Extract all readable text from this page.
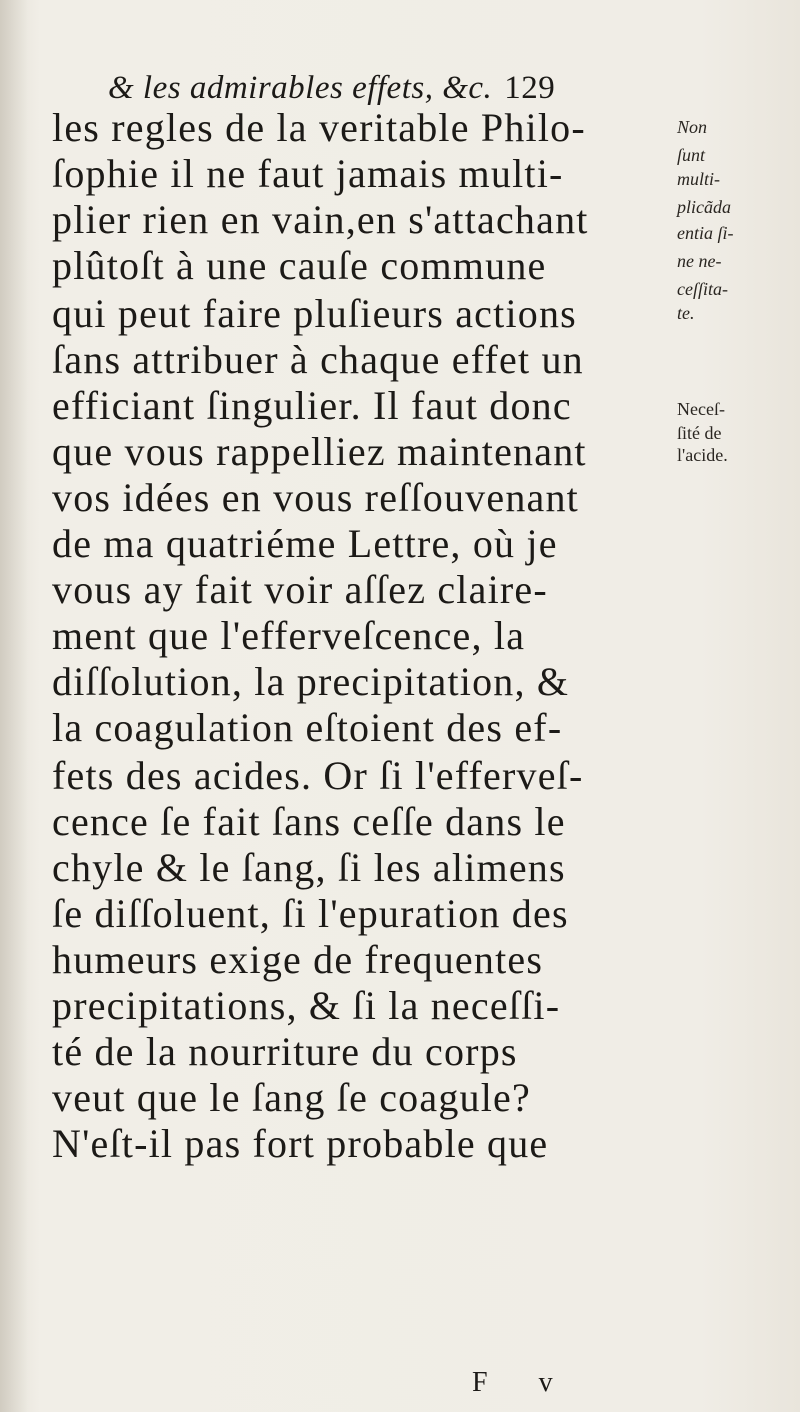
& les admirables effets, &c. 129
les regles de la veritable Philo-
ſophie il ne faut jamais multi-
plier rien en vain,en s'attachant
plûtoſt à une cauſe commune
qui peut faire pluſieurs actions
ſans attribuer à chaque effet un
efficiant ſingulier. Il faut donc
que vous rappelliez maintenant
vos idées en vous reſſouvenant
de ma quatriéme Lettre, où je
vous ay fait voir aſſez claire-
ment que l'efferveſcence, la
diſſolution, la precipitation, &
la coagulation eſtoient des ef-
fets des acides. Or ſi l'efferveſ-
cence ſe fait ſans ceſſe dans le
chyle & le ſang, ſi les alimens
ſe diſſoluent, ſi l'epuration des
humeurs exige de frequentes
precipitations, & ſi la neceſſi-
té de la nourriture du corps
veut que le ſang ſe coagule?
N'eſt-il pas fort probable que
Non
ſunt
multi-
plicãda
entia ſi-
ne ne-
ceſſita-
te.
Neceſ-
ſité de
l'acide.
F v
